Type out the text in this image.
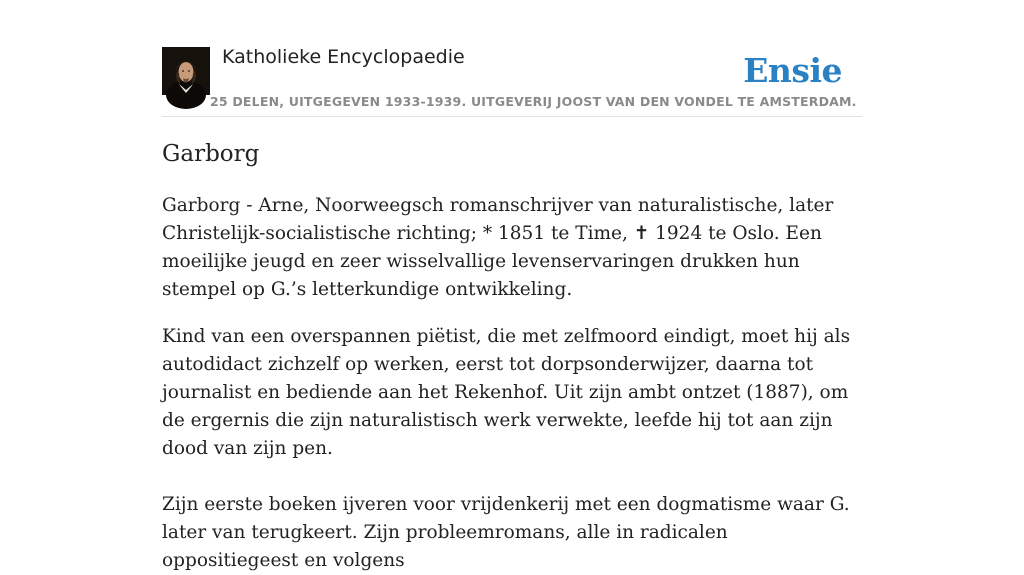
Katholieke Encyclopaedie	Ensie
25 DELEN, UITGEGEVEN 1933-1939. UITGEVERIJ JOOST VAN DEN VONDEL TE AMSTERDAM.
Garborg

Garborg - Arne, Noorweegsch romanschrijver van naturalistische, later Christelijk-socialistische richting; * 1851 te Time, ✝ 1924 te Oslo. Een moeilijke jeugd en zeer wisselvallige levenservaringen drukken hun stempel op G.’s letterkundige ontwikkeling.

Kind van een overspannen piëtist, die met zelfmoord eindigt, moet hij als autodidact zichzelf op werken, eerst tot dorpsonderwijzer, daarna tot journalist en bediende aan het Rekenhof. Uit zijn ambt ontzet (1887), om de ergernis die zijn naturalistisch werk verwekte, leefde hij tot aan zijn dood van zijn pen.

Zijn eerste boeken ijveren voor vrijdenkerij met een dogmatisme waar G. later van terugkeert. Zijn probleemromans, alle in radicalen oppositiegeest en volgens
